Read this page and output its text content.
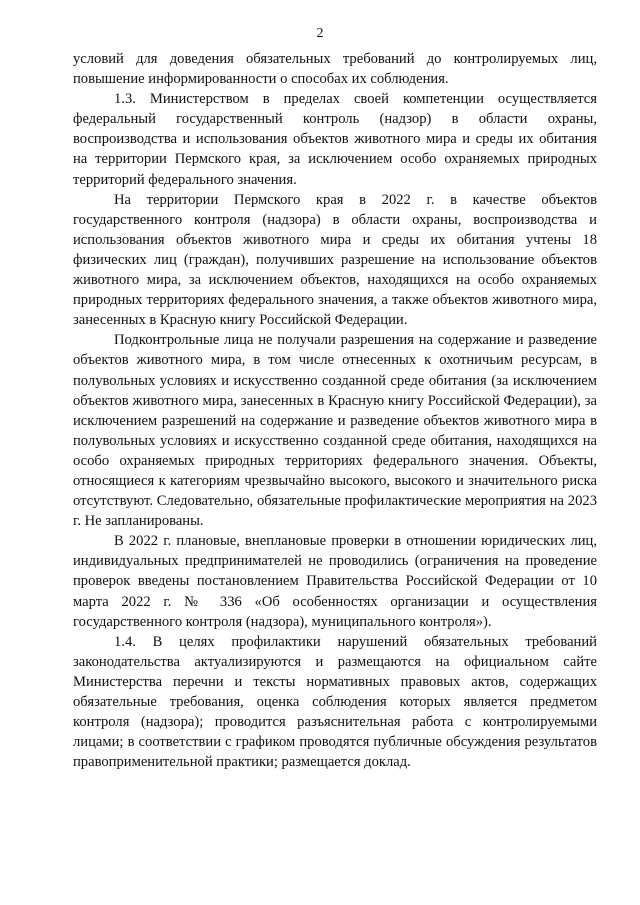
2

условий для доведения обязательных требований до контролируемых лиц, повышение информированности о способах их соблюдения.

1.3. Министерством в пределах своей компетенции осуществляется федеральный государственный контроль (надзор) в области охраны, воспроизводства и использования объектов животного мира и среды их обитания на территории Пермского края, за исключением особо охраняемых природных территорий федерального значения.

На территории Пермского края в 2022 г. в качестве объектов государственного контроля (надзора) в области охраны, воспроизводства и использования объектов животного мира и среды их обитания учтены 18 физических лиц (граждан), получивших разрешение на использование объектов животного мира, за исключением объектов, находящихся на особо охраняемых природных территориях федерального значения, а также объектов животного мира, занесенных в Красную книгу Российской Федерации.

Подконтрольные лица не получали разрешения на содержание и разведение объектов животного мира, в том числе отнесенных к охотничьим ресурсам, в полувольных условиях и искусственно созданной среде обитания (за исключением объектов животного мира, занесенных в Красную книгу Российской Федерации), за исключением разрешений на содержание и разведение объектов животного мира в полувольных условиях и искусственно созданной среде обитания, находящихся на особо охраняемых природных территориях федерального значения. Объекты, относящиеся к категориям чрезвычайно высокого, высокого и значительного риска отсутствуют. Следовательно, обязательные профилактические мероприятия на 2023 г. Не запланированы.

В 2022 г. плановые, внеплановые проверки в отношении юридических лиц, индивидуальных предпринимателей не проводились (ограничения на проведение проверок введены постановлением Правительства Российской Федерации от 10 марта 2022 г. № 336 «Об особенностях организации и осуществления государственного контроля (надзора), муниципального контроля»).

1.4. В целях профилактики нарушений обязательных требований законодательства актуализируются и размещаются на официальном сайте Министерства перечни и тексты нормативных правовых актов, содержащих обязательные требования, оценка соблюдения которых является предметом контроля (надзора); проводится разъяснительная работа с контролируемыми лицами; в соответствии с графиком проводятся публичные обсуждения результатов правоприменительной практики; размещается доклад.
